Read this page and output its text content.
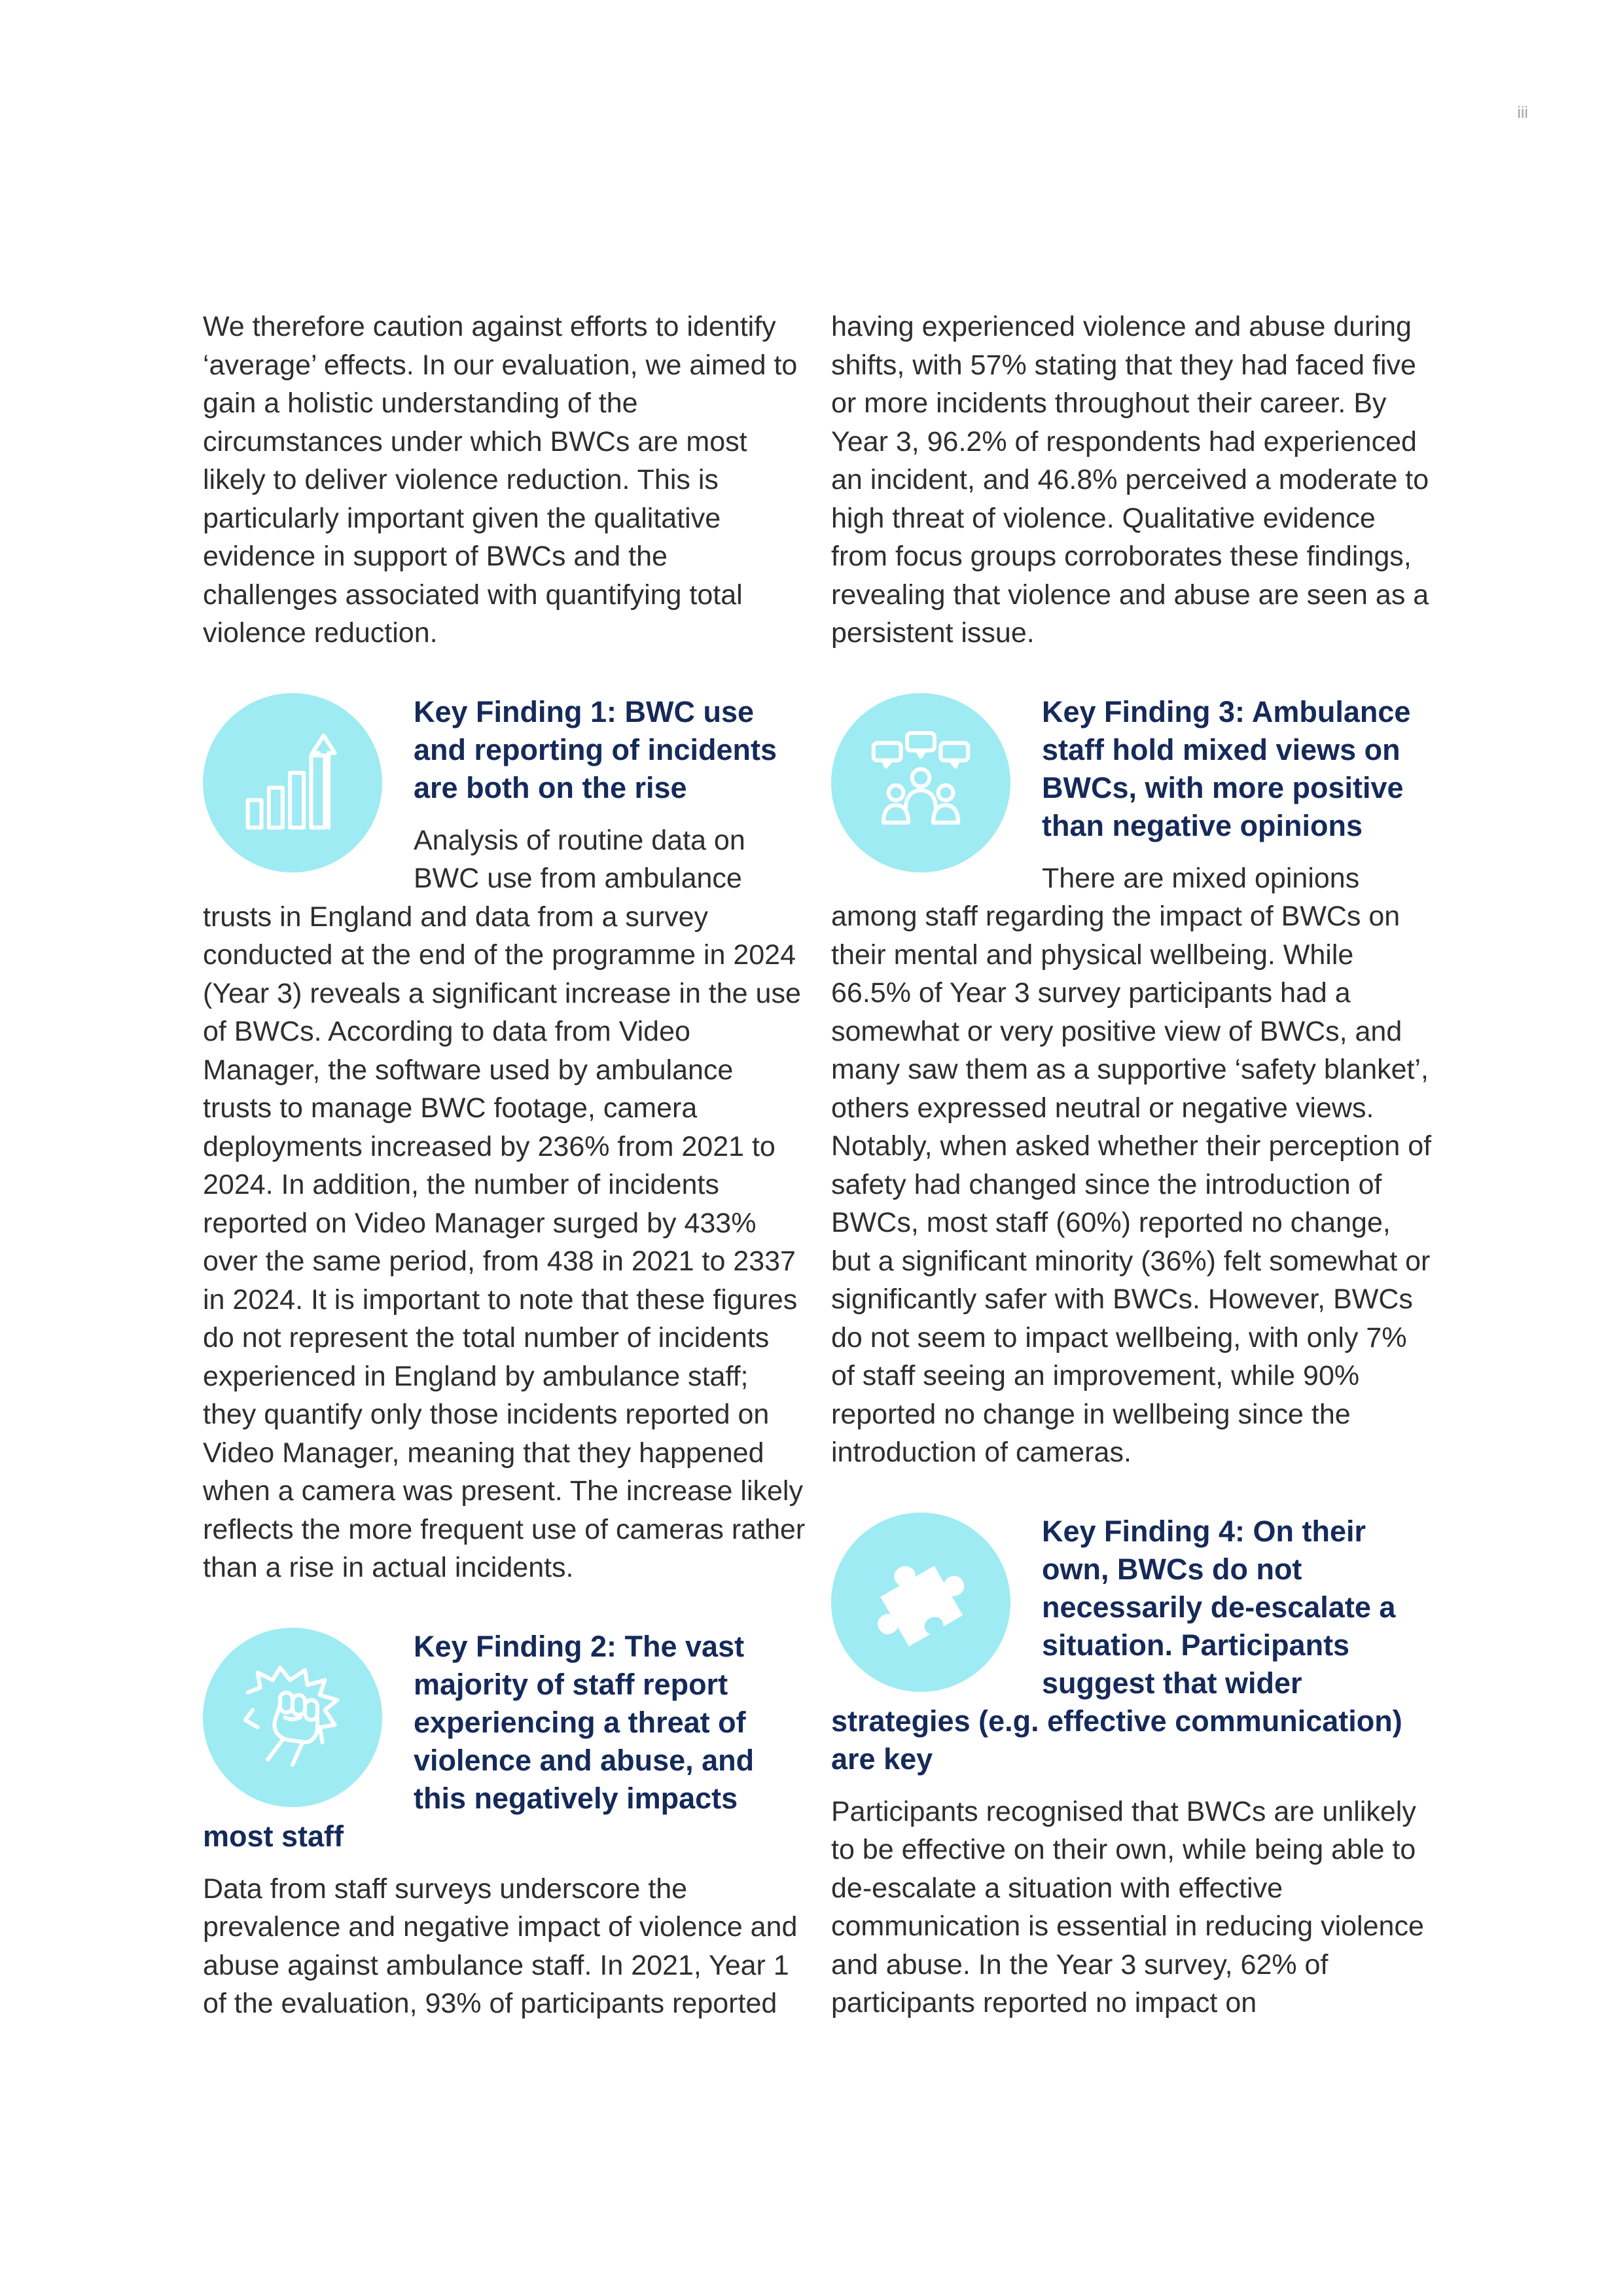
iii

We therefore caution against efforts to identify ‘average’ effects. In our evaluation, we aimed to gain a holistic understanding of the circumstances under which BWCs are most likely to deliver violence reduction. This is particularly important given the qualitative evidence in support of BWCs and the challenges associated with quantifying total violence reduction.

Key Finding 1: BWC use and reporting of incidents are both on the rise

Analysis of routine data on BWC use from ambulance trusts in England and data from a survey conducted at the end of the programme in 2024 (Year 3) reveals a significant increase in the use of BWCs. According to data from Video Manager, the software used by ambulance trusts to manage BWC footage, camera deployments increased by 236% from 2021 to 2024. In addition, the number of incidents reported on Video Manager surged by 433% over the same period, from 438 in 2021 to 2337 in 2024. It is important to note that these figures do not represent the total number of incidents experienced in England by ambulance staff; they quantify only those incidents reported on Video Manager, meaning that they happened when a camera was present. The increase likely reflects the more frequent use of cameras rather than a rise in actual incidents.

Key Finding 2: The vast majority of staff report experiencing a threat of violence and abuse, and this negatively impacts most staff

Data from staff surveys underscore the prevalence and negative impact of violence and abuse against ambulance staff. In 2021, Year 1 of the evaluation, 93% of participants reported

having experienced violence and abuse during shifts, with 57% stating that they had faced five or more incidents throughout their career. By Year 3, 96.2% of respondents had experienced an incident, and 46.8% perceived a moderate to high threat of violence. Qualitative evidence from focus groups corroborates these findings, revealing that violence and abuse are seen as a persistent issue.

Key Finding 3: Ambulance staff hold mixed views on BWCs, with more positive than negative opinions

There are mixed opinions among staff regarding the impact of BWCs on their mental and physical wellbeing. While 66.5% of Year 3 survey participants had a somewhat or very positive view of BWCs, and many saw them as a supportive ‘safety blanket’, others expressed neutral or negative views. Notably, when asked whether their perception of safety had changed since the introduction of BWCs, most staff (60%) reported no change, but a significant minority (36%) felt somewhat or significantly safer with BWCs. However, BWCs do not seem to impact wellbeing, with only 7% of staff seeing an improvement, while 90% reported no change in wellbeing since the introduction of cameras.

Key Finding 4: On their own, BWCs do not necessarily de-escalate a situation. Participants suggest that wider strategies (e.g. effective communication) are key

Participants recognised that BWCs are unlikely to be effective on their own, while being able to de-escalate a situation with effective communication is essential in reducing violence and abuse. In the Year 3 survey, 62% of participants reported no impact on
